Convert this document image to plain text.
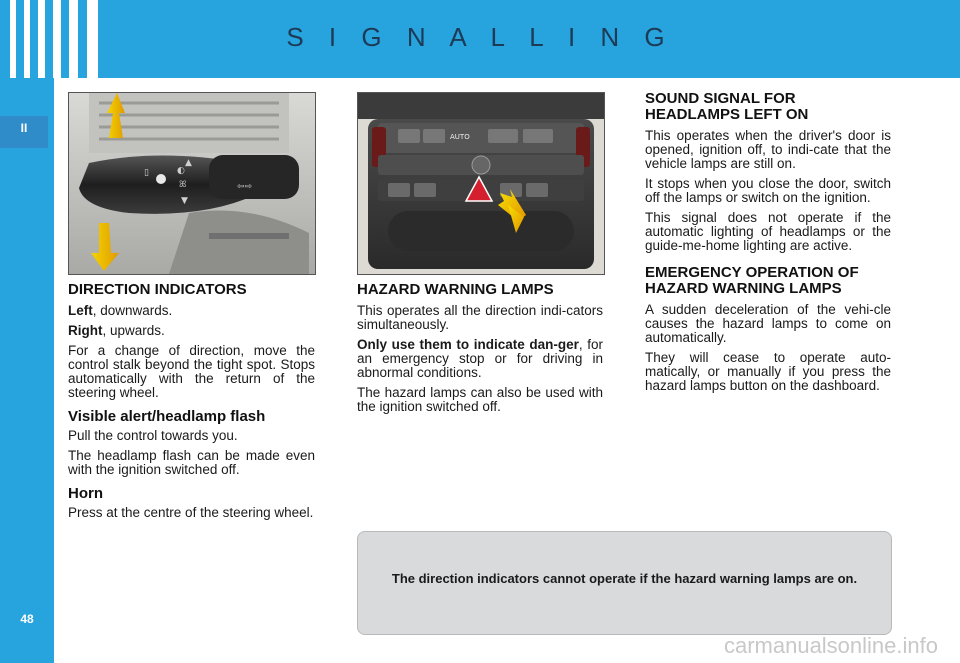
S I G N A L L I N G
II
48
▯	◐
▲
ꕤ
▼
⇦⇨
AUTO
DIRECTION INDICATORS

Left, downwards.

Right, upwards.

For a change of direction, move the control stalk beyond the tight spot. Stops automatically with the return of the steering wheel.

Visible alert/headlamp flash

Pull the control towards you.

The headlamp flash can be made even with the ignition switched off.

Horn

Press at the centre of the steering wheel.

HAZARD WARNING LAMPS

This operates all the direction indi-cators simultaneously.

Only use them to indicate dan-ger, for an emergency stop or for driving in abnormal conditions.

The hazard lamps can also be used with the ignition switched off.

SOUND SIGNAL FOR HEADLAMPS LEFT ON

This operates when the driver's door is opened, ignition off, to indi-cate that the vehicle lamps are still on.

It stops when you close the door, switch off the lamps or switch on the ignition.

This signal does not operate if the automatic lighting of headlamps or the guide-me-home lighting are active.

EMERGENCY OPERATION OF HAZARD WARNING LAMPS

A sudden deceleration of the vehi-cle causes the hazard lamps to come on automatically.

They will cease to operate auto-matically, or manually if you press the hazard lamps button on the dashboard.

The direction indicators cannot operate if the hazard warning lamps are on.
carmanualsonline.info
